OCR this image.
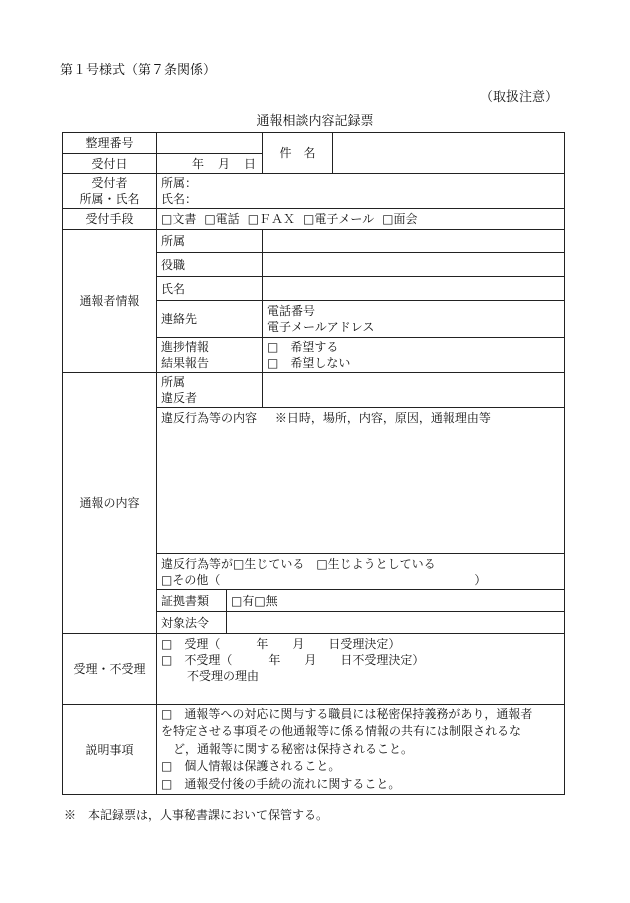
第１号様式（第７条関係）
（取扱注意）
通報相談内容記録票
整理番号			件　名	
受付日	年 月 日			

受付者
所属・氏名	所属：
氏名：			

受付手段	□文書 □電話 □ＦＡＸ □電子メール □面会			
通報者情報	所属			
	役職			
	氏名			
	連絡先		電話番号
電子メールアドレス	

	進捗情報
結果報告		□　希望する
□　希望しない	

通報の内容	所属
違反者			

	違反行為等の内容 ※日時，場所，内容，原因，通報理由等			

	違反行為等が□生じている　□生じようとしている
□その他（ ）			

	証拠書類	□有□無		
	対象法令			
受理・不受理	□　受理（　　　年　　月　　日受理決定）
□　不受理（　　　年　　月　　日不受理決定）
不受理の理由			

説明事項	□　通報等への対応に関与する職員には秘密保持義務があり，通報者
を特定させる事項その他通報等に係る情報の共有には制限されるな
ど，通報等に関する秘密は保持されること。
□　個人情報は保護されること。
□　通報受付後の手続の流れに関すること。			
※　本記録票は，人事秘書課において保管する。
